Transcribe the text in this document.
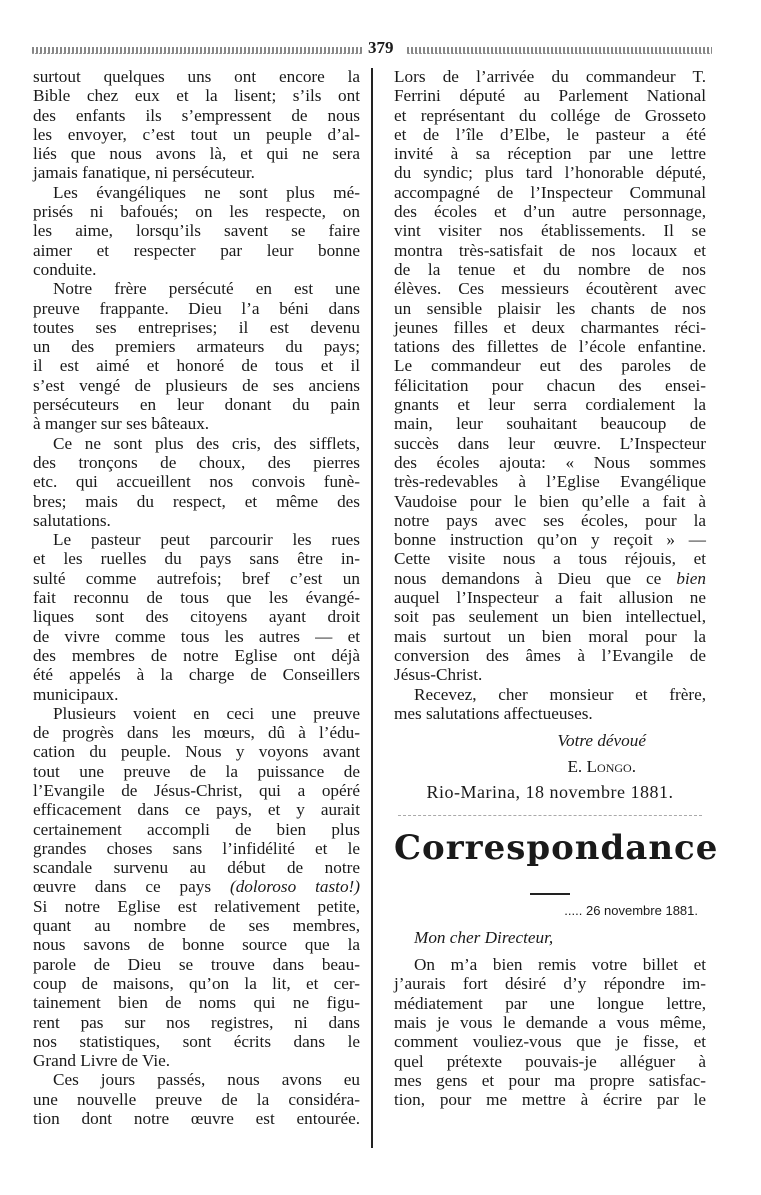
379
surtout quelques uns ont encore la
Bible chez eux et la lisent; s’ils ont
des enfants ils s’empressent de nous
les envoyer, c’est tout un peuple d’al-
liés que nous avons là, et qui ne sera
jamais fanatique, ni persécuteur.
Les évangéliques ne sont plus mé-
prisés ni bafoués; on les respecte, on
les aime, lorsqu’ils savent se faire
aimer et respecter par leur bonne
conduite.
Notre frère persécuté en est une
preuve frappante. Dieu l’a béni dans
toutes ses entreprises; il est devenu
un des premiers armateurs du pays;
il est aimé et honoré de tous et il
s’est vengé de plusieurs de ses anciens
persécuteurs en leur donant du pain
à manger sur ses bâteaux.
Ce ne sont plus des cris, des sifflets,
des tronçons de choux, des pierres
etc. qui accueillent nos convois funè-
bres; mais du respect, et même des
salutations.
Le pasteur peut parcourir les rues
et les ruelles du pays sans être in-
sulté comme autrefois; bref c’est un
fait reconnu de tous que les évangé-
liques sont des citoyens ayant droit
de vivre comme tous les autres — et
des membres de notre Eglise ont déjà
été appelés à la charge de Conseillers
municipaux.
Plusieurs voient en ceci une preuve
de progrès dans les mœurs, dû à l’édu-
cation du peuple. Nous y voyons avant
tout une preuve de la puissance de
l’Evangile de Jésus-Christ, qui a opéré
efficacement dans ce pays, et y aurait
certainement accompli de bien plus
grandes choses sans l’infidélité et le
scandale survenu au début de notre
œuvre dans ce pays (doloroso tasto!)
Si notre Eglise est relativement petite,
quant au nombre de ses membres,
nous savons de bonne source que la
parole de Dieu se trouve dans beau-
coup de maisons, qu’on la lit, et cer-
tainement bien de noms qui ne figu-
rent pas sur nos registres, ni dans
nos statistiques, sont écrits dans le
Grand Livre de Vie.
Ces jours passés, nous avons eu
une nouvelle preuve de la considéra-
tion dont notre œuvre est entourée.
Lors de l’arrivée du commandeur T.
Ferrini député au Parlement National
et représentant du collége de Grosseto
et de l’île d’Elbe, le pasteur a été
invité à sa réception par une lettre
du syndic; plus tard l’honorable député,
accompagné de l’Inspecteur Communal
des écoles et d’un autre personnage,
vint visiter nos établissements. Il se
montra très-satisfait de nos locaux et
de la tenue et du nombre de nos
élèves. Ces messieurs écoutèrent avec
un sensible plaisir les chants de nos
jeunes filles et deux charmantes réci-
tations des fillettes de l’école enfantine.
Le commandeur eut des paroles de
félicitation pour chacun des ensei-
gnants et leur serra cordialement la
main, leur souhaitant beaucoup de
succès dans leur œuvre. L’Inspecteur
des écoles ajouta: « Nous sommes
très-redevables à l’Eglise Evangélique
Vaudoise pour le bien qu’elle a fait à
notre pays avec ses écoles, pour la
bonne instruction qu’on y reçoit » —
Cette visite nous a tous réjouis, et
nous demandons à Dieu que ce bien
auquel l’Inspecteur a fait allusion ne
soit pas seulement un bien intellectuel,
mais surtout un bien moral pour la
conversion des âmes à l’Evangile de
Jésus-Christ.
Recevez, cher monsieur et frère,
mes salutations affectueuses.
Votre dévoué
E. Longo.
Rio-Marina, 18 novembre 1881.
Correspondance
..... 26 novembre 1881.
Mon cher Directeur,
On m’a bien remis votre billet et
j’aurais fort désiré d’y répondre im-
médiatement par une longue lettre,
mais je vous le demande a vous même,
comment vouliez-vous que je fisse, et
quel prétexte pouvais-je alléguer à
mes gens et pour ma propre satisfac-
tion, pour me mettre à écrire par le
